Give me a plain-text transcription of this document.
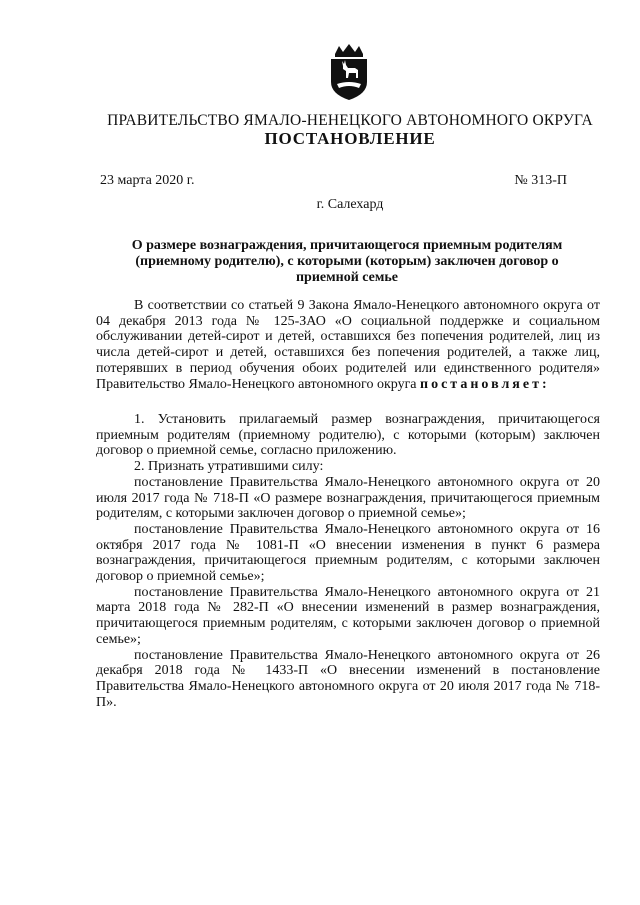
ПРАВИТЕЛЬСТВО ЯМАЛО-НЕНЕЦКОГО АВТОНОМНОГО ОКРУГА
ПОСТАНОВЛЕНИЕ
23 марта 2020 г.	№ 313-П
г. Салехард
О размере вознаграждения, причитающегося приемным родителям (приемному родителю), с которыми (которым) заключен договор о приемной семье

В соответствии со статьей 9 Закона Ямало-Ненецкого автономного округа от 04 декабря 2013 года № 125-ЗАО «О социальной поддержке и социальном обслуживании детей-сирот и детей, оставшихся без попечения родителей, лиц из числа детей-сирот и детей, оставшихся без попечения родителей, а также лиц, потерявших в период обучения обоих родителей или единственного родителя» Правительство Ямало-Ненецкого автономного округа постановляет:

1. Установить прилагаемый размер вознаграждения, причитающегося приемным родителям (приемному родителю), с которыми (которым) заключен договор о приемной семье, согласно приложению.

2. Признать утратившими силу:

постановление Правительства Ямало-Ненецкого автономного округа от 20 июля 2017 года № 718-П «О размере вознаграждения, причитающегося приемным родителям, с которыми заключен договор о приемной семье»;

постановление Правительства Ямало-Ненецкого автономного округа от 16 октября 2017 года № 1081-П «О внесении изменения в пункт 6 размера вознаграждения, причитающегося приемным родителям, с которыми заключен договор о приемной семье»;

постановление Правительства Ямало-Ненецкого автономного округа от 21 марта 2018 года № 282-П «О внесении изменений в размер вознаграждения, причитающегося приемным родителям, с которыми заключен договор о приемной семье»;

постановление Правительства Ямало-Ненецкого автономного округа от 26 декабря 2018 года № 1433-П «О внесении изменений в постановление Правительства Ямало-Ненецкого автономного округа от 20 июля 2017 года № 718-П».
